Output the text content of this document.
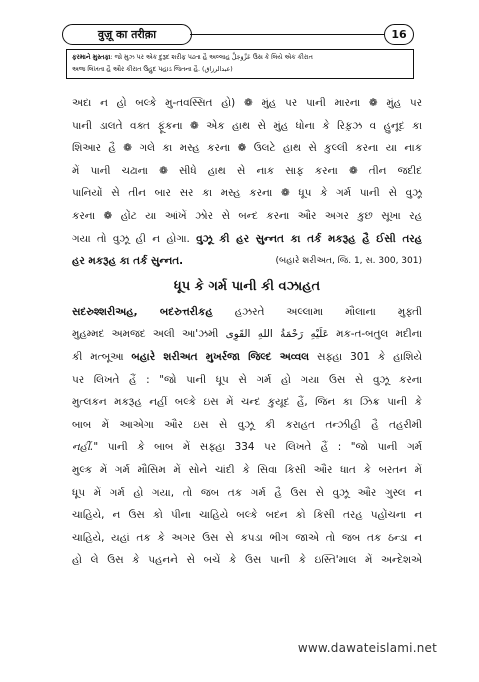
वुज़ू का तरीक़ा	16
ફરમાને મુસ્તફા: જો મુઝ પર એક દુરૂદ શરીફ પઢતા હૈ અલ્લાહ عَزَّوَجَلَّ ઉસ કે લિયે એક કીરાત
અજ્ર લિખતા હૈ ઔર કીરાત ઉહુદ પહાડ જિતના હૈ. (عبدالرزاق)
અદા ન હો બલ્કે મુ-તવસ્સિત હો) ❁ મુંહ પર પાની મારના ❁ મુંહ પર
પાની ડાલતે વક્ત ફૂંકના ❁ એક હાથ સે મુંહ ધોના કે રિફ઼ઝ વ હુનૂદ કા
શિઆર હૈ ❁ ગલે કા મસ્હ કરના ❁ ઉલટે હાથ સે કુલ્લી કરના યા નાક
મેં પાની ચઢાના ❁ સીધે હાથ સે નાક સાફ કરના ❁ તીન જદીદ
પાનિયોં સે તીન બાર સર કા મસ્હ કરના ❁ ધૂપ કે ગર્મ પાની સે વુઝૂ
કરના ❁ હોંટ યા આંખેં ઝોર સે બન્દ કરના ઔર અગર કુછ સૂખા રહ
ગયા તો વુઝૂ હી ન હોગા. વુઝૂ કી હર સુન્નત કા તર્ક મકરૂહ હૈ ઈસી તરહ
હર મકરૂહ કા તર્ક સુન્નત.	(બહારે શરીઅત, જિ. 1, સ. 300, 301)
ધૂપ કે ગર્મ પાની કી વઝાહત
સદરુશ્શરીઅહ, બદરુત્તરીકહ હઝરતે અલ્લામા મૌલાના મુફ્તી
મુહમ્મદ અમજદ અલી આ'ઝમી عَلَيْهِ رَحْمَةُ اللهِ القَوِی મક-ત-બતુલ મદીના
કી મત્બૂઆ બહારે શરીઅત મુખર્રજા જિલ્દ અવ્વલ સફ્હા 301 કે હાશિયે
પર લિખતે હૈં : "જો પાની ધૂપ સે ગર્મ હો ગયા ઉસ સે વુઝૂ કરના
મુત્લકન મકરૂહ નહીં બલ્કે ઇસ મેં ચન્દ કુયૂદ હૈં, જિન કા ઝિક્ર પાની કે
બાબ મેં આએગા ઔર ઇસ સે વુઝૂ કી કરાહત તન્ઝીહી હૈ તહરીમી
નહીં." પાની કે બાબ મેં સફ્હા 334 પર લિખતે હૈં : "જો પાની ગર્મ
મુલ્ક મેં ગર્મ મૌસિમ મેં સોને ચાંદી કે સિવા કિસી ઔર ધાત કે બરતન મેં
ધૂપ મેં ગર્મ હો ગયા, તો જબ તક ગર્મ હૈ ઉસ સે વુઝૂ ઔર ગુસ્લ ન
ચાહિયે, ન ઉસ કો પીના ચાહિયે બલ્કે બદન કો કિસી તરહ પહોંચના ન
ચાહિયે, યહાં તક કે અગર ઉસ સે કપડા ભીગ જાએ તો જબ તક ઠન્ડા ન
હો લે ઉસ કે પહનને સે બચેં કે ઉસ પાની કે ઇસ્તિ'માલ મેં અન્દેશએ
www.dawateislami.net
